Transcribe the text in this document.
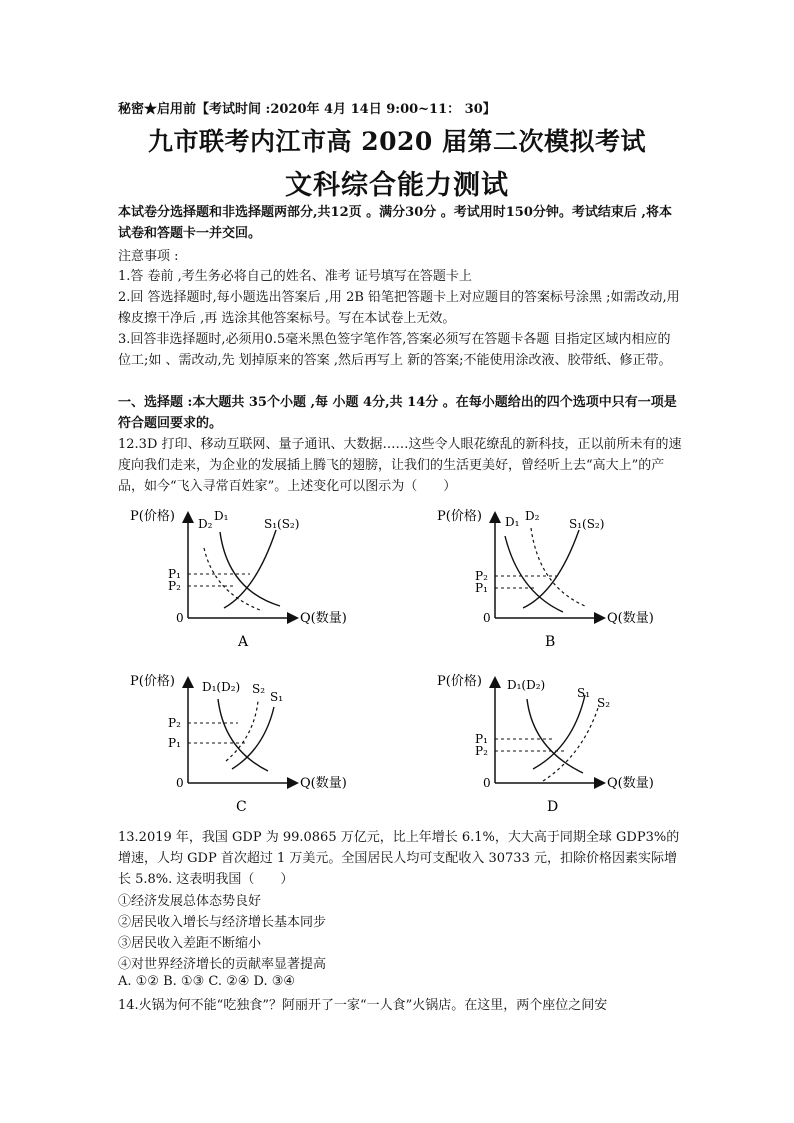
秘密★启用前【考试时间 :2020年 4月 14日 9:00~11： 30】
九市联考内江市高 2020 届第二次模拟考试
文科综合能力测试
本试卷分选择题和非选择题两部分,共12页 。满分30分 。考试用时150分钟。考试结束后 ,将本试卷和答题卡一并交回。
注意事项 :
1.答 卷前 ,考生务必将自己的姓名、准考 证号填写在答题卡上
2.回 答选择题时,每小题选出答案后 ,用 2B 铅笔把答题卡上对应题目的答案标号涂黑 ;如需改动,用 橡皮擦干净后 ,再 选涂其他答案标号。写在本试卷上无效。
3.回答非选择题时,必须用0.5毫米黑色签字笔作答,答案必须写在答题卡各题 目指定区域内相应的位工;如 、需改动,先 划掉原来的答案 ,然后再写上 新的答案;不能使用涂改液、胶带纸、修正带。
一、选择题 :本大题共 35个小题 ,每 小题 4分,共 14分 。在每小题给出的四个选项中只有一项是符合题回要求的。
12.3D 打印、移动互联网、量子通讯、大数据……这些令人眼花缭乱的新科技，正以前所未有的速度向我们走来，为企业的发展插上腾飞的翅膀，让我们的生活更美好，曾经听上去“高大上”的产品，如今“飞入寻常百姓家”。上述变化可以图示为（　　）
P(价格)
Q(数量)
0
D₂
D₁
S₁(S₂)
P₁
P₂
A
P(价格)
Q(数量)
0
D₁ D₂
S₁(S₂)
P₂
P₁
B
P(价格)
Q(数量)
0
D₁(D₂) S₂
S₁
P₂
P₁
C
P(价格)
Q(数量)
0
D₁(D₂)
S₁
S₂
P₁
P₂
D
13.2019 年，我国 GDP 为 99.0865 万亿元，比上年增长 6.1%，大大高于同期全球 GDP3%的增速，人均 GDP 首次超过 1 万美元。全国居民人均可支配收入 30733 元，扣除价格因素实际增长 5.8%. 这表明我国（　　）
①经济发展总体态势良好
②居民收入增长与经济增长基本同步
③居民收入差距不断缩小
④对世界经济增长的贡献率显著提高
A. ①② B. ①③ C. ②④ D. ③④
14.火锅为何不能“吃独食”？阿丽开了一家“一人食”火锅店。在这里，两个座位之间安
